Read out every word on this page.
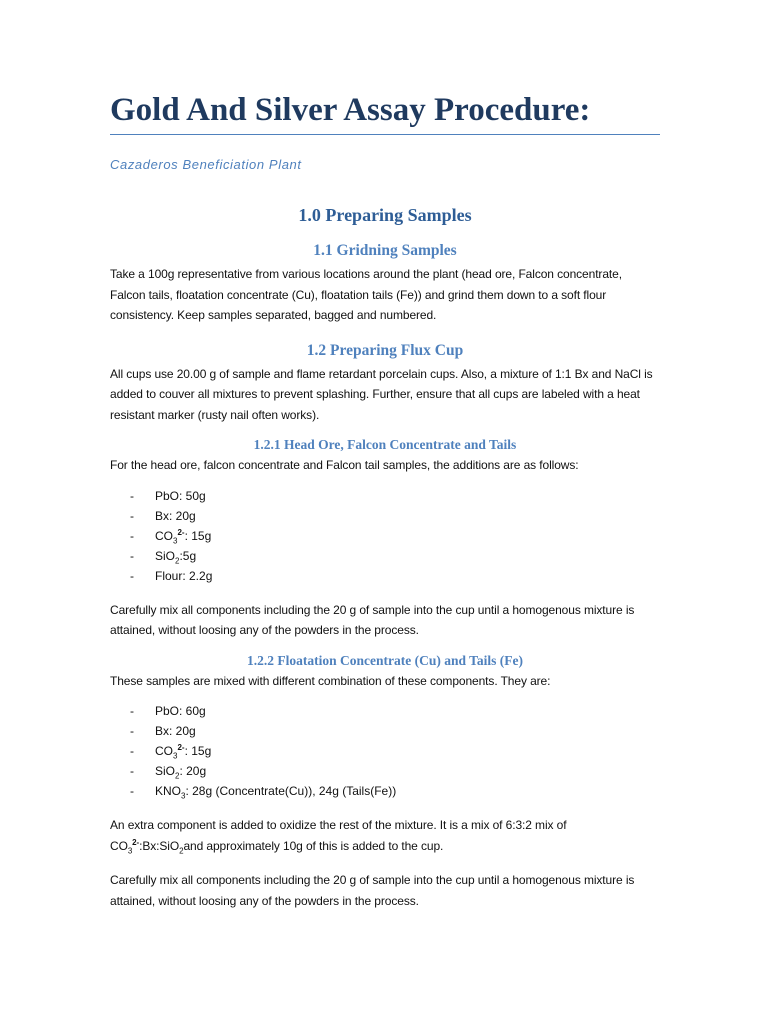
Gold And Silver Assay Procedure:
Cazaderos Beneficiation Plant
1.0 Preparing Samples
1.1 Gridning Samples

Take a 100g representative from various locations around the plant (head ore, Falcon concentrate, Falcon tails, floatation concentrate (Cu), floatation tails (Fe)) and grind them down to a soft flour consistency. Keep samples separated, bagged and numbered.

1.2 Preparing Flux Cup

All cups use 20.00 g of sample and flame retardant porcelain cups. Also, a mixture of 1:1 Bx and NaCl is added to couver all mixtures to prevent splashing. Further, ensure that all cups are labeled with a heat resistant marker (rusty nail often works).

1.2.1 Head Ore, Falcon Concentrate and Tails

For the head ore, falcon concentrate and Falcon tail samples, the additions are as follows:

- PbO: 50g
- Bx: 20g
- $CO_3^{2-}$: 15g
- SiO$_2$:5g
- Flour: 2.2g

Carefully mix all components including the 20 g of sample into the cup until a homogenous mixture is attained, without loosing any of the powders in the process.

1.2.2 Floatation Concentrate (Cu) and Tails (Fe)

These samples are mixed with different combination of these components. They are:

- PbO: 60g
- Bx: 20g
- $CO_3^{2-}$: 15g
- SiO$_2$: 20g
- $KNO_3$: 28g (Concentrate(Cu)), 24g (Tails(Fe))

An extra component is added to oxidize the rest of the mixture. It is a mix of 6:3:2 mix of
$CO_3^{2-}:Bx:SiO_2and$ approximately 10g of this is added to the cup.

Carefully mix all components including the 20 g of sample into the cup until a homogenous mixture is attained, without loosing any of the powders in the process.
